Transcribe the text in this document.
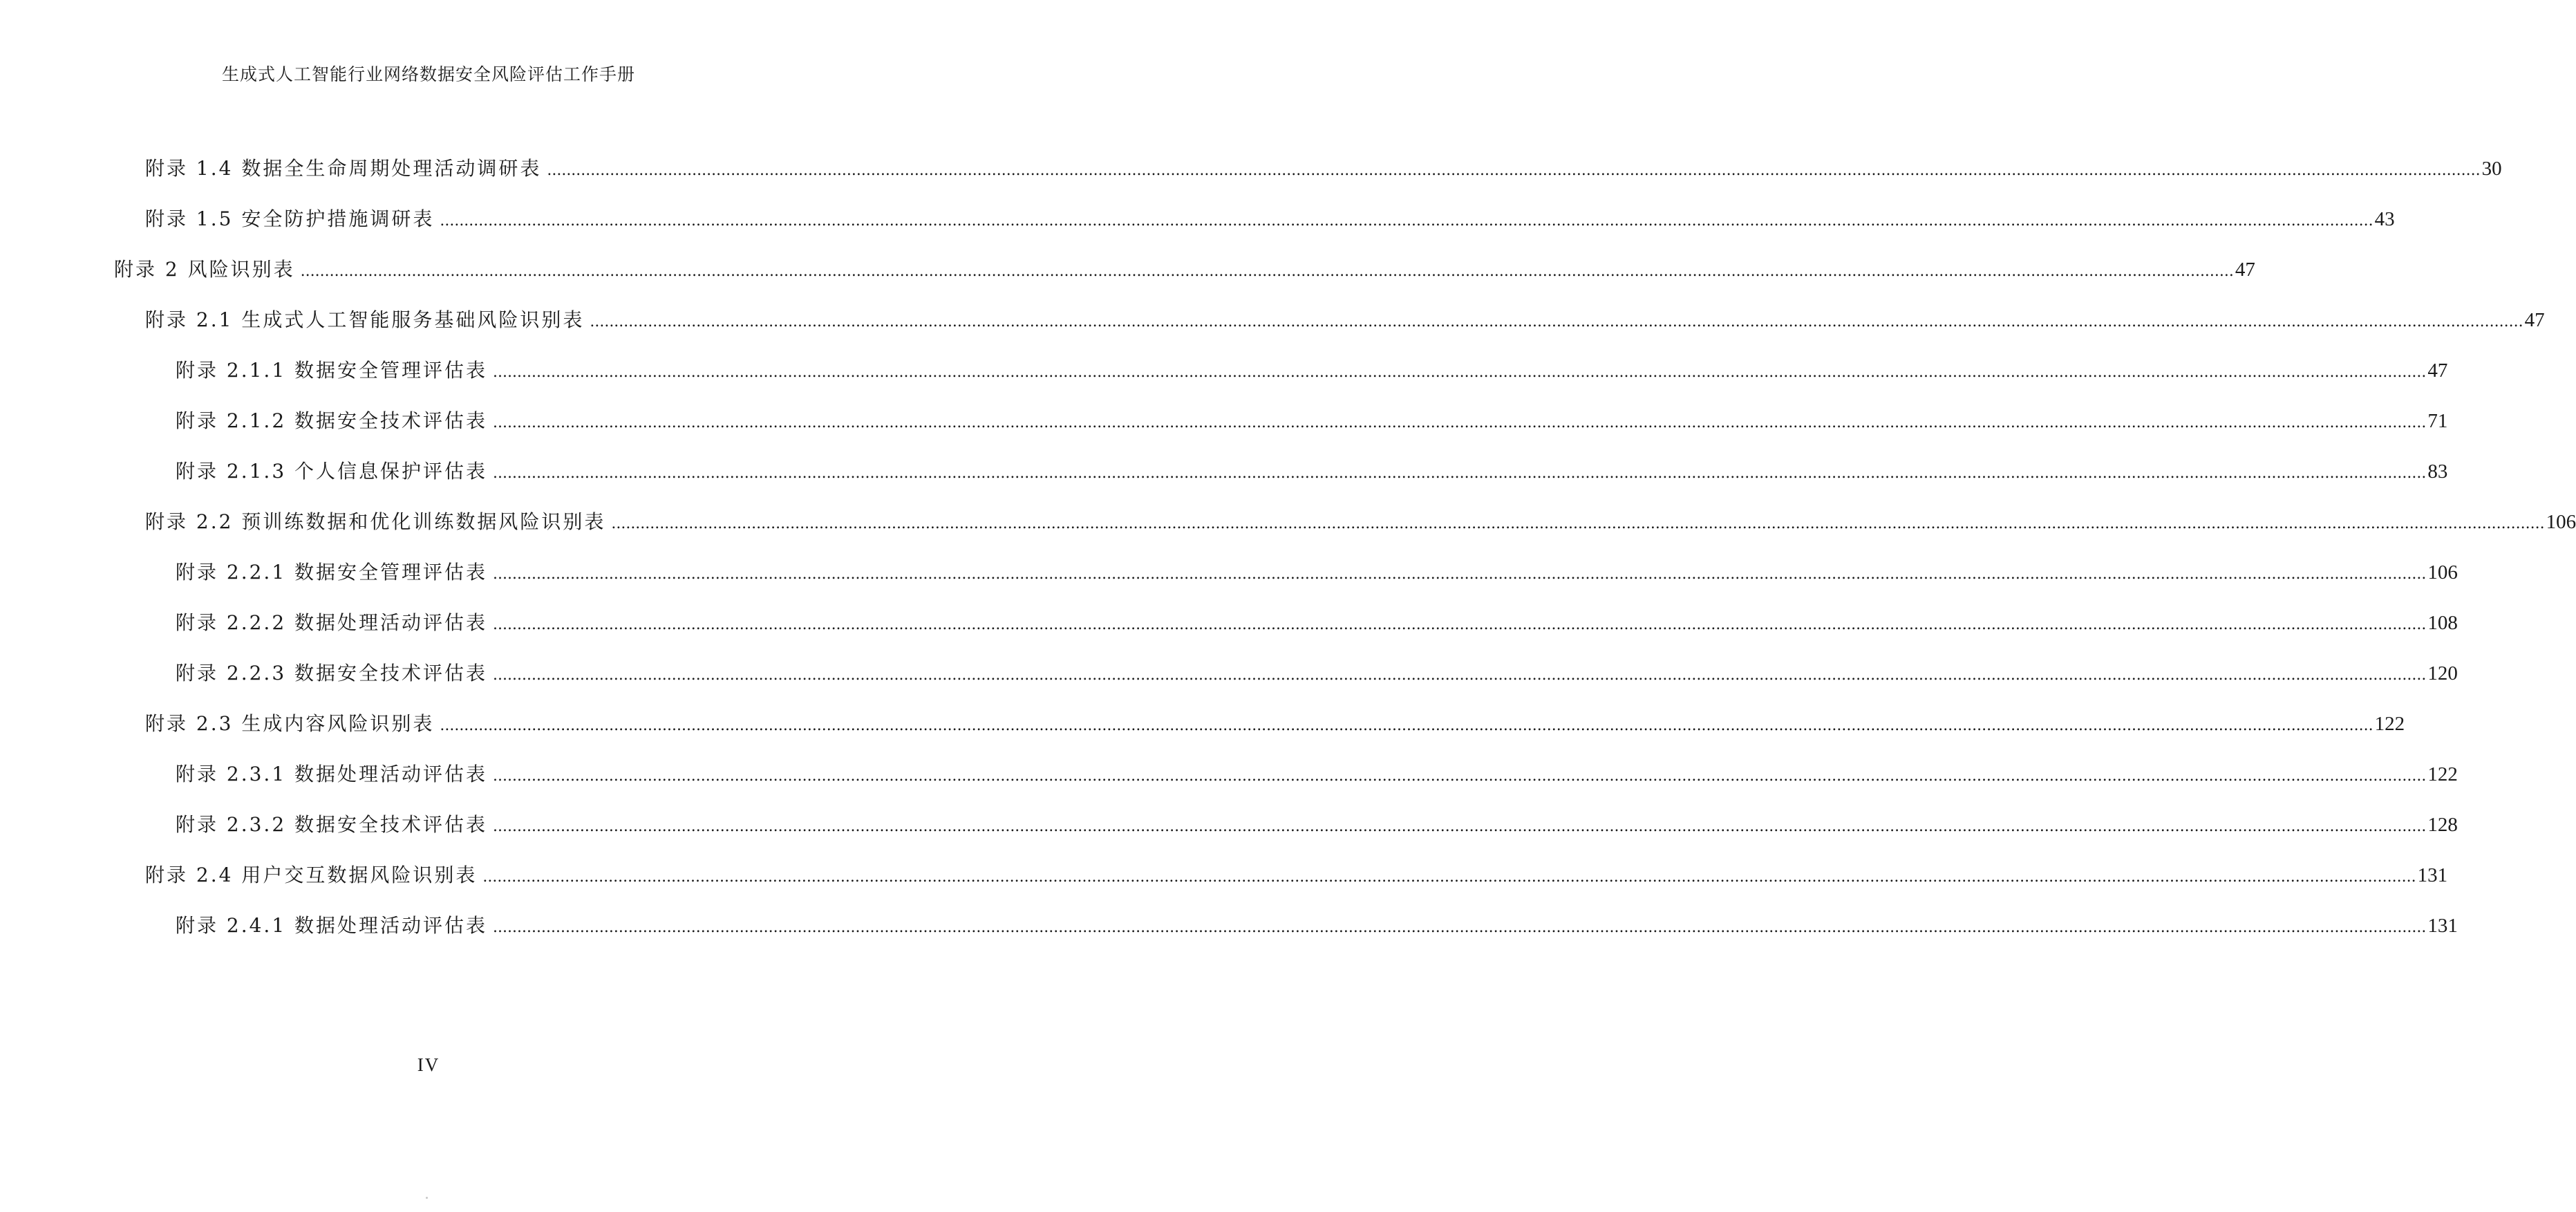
生成式人工智能行业网络数据安全风险评估工作手册
附录 1.4 数据全生命周期处理活动调研表 ................................................................................................................................................................................................................................................................................................................................................................................................................ 30
附录 1.5 安全防护措施调研表 ................................................................................................................................................................................................................................................................................................................................................................................................................ 43
附录 2 风险识别表 ................................................................................................................................................................................................................................................................................................................................................................................................................ 47
附录 2.1 生成式人工智能服务基础风险识别表 ................................................................................................................................................................................................................................................................................................................................................................................................................ 47
附录 2.1.1 数据安全管理评估表 ................................................................................................................................................................................................................................................................................................................................................................................................................ 47
附录 2.1.2 数据安全技术评估表 ................................................................................................................................................................................................................................................................................................................................................................................................................ 71
附录 2.1.3 个人信息保护评估表 ................................................................................................................................................................................................................................................................................................................................................................................................................ 83
附录 2.2 预训练数据和优化训练数据风险识别表 ................................................................................................................................................................................................................................................................................................................................................................................................................ 106
附录 2.2.1 数据安全管理评估表 ................................................................................................................................................................................................................................................................................................................................................................................................................ 106
附录 2.2.2 数据处理活动评估表 ................................................................................................................................................................................................................................................................................................................................................................................................................ 108
附录 2.2.3 数据安全技术评估表 ................................................................................................................................................................................................................................................................................................................................................................................................................ 120
附录 2.3 生成内容风险识别表 ................................................................................................................................................................................................................................................................................................................................................................................................................ 122
附录 2.3.1 数据处理活动评估表 ................................................................................................................................................................................................................................................................................................................................................................................................................ 122
附录 2.3.2 数据安全技术评估表 ................................................................................................................................................................................................................................................................................................................................................................................................................ 128
附录 2.4 用户交互数据风险识别表 ................................................................................................................................................................................................................................................................................................................................................................................................................ 131
附录 2.4.1 数据处理活动评估表 ................................................................................................................................................................................................................................................................................................................................................................................................................ 131
IV
